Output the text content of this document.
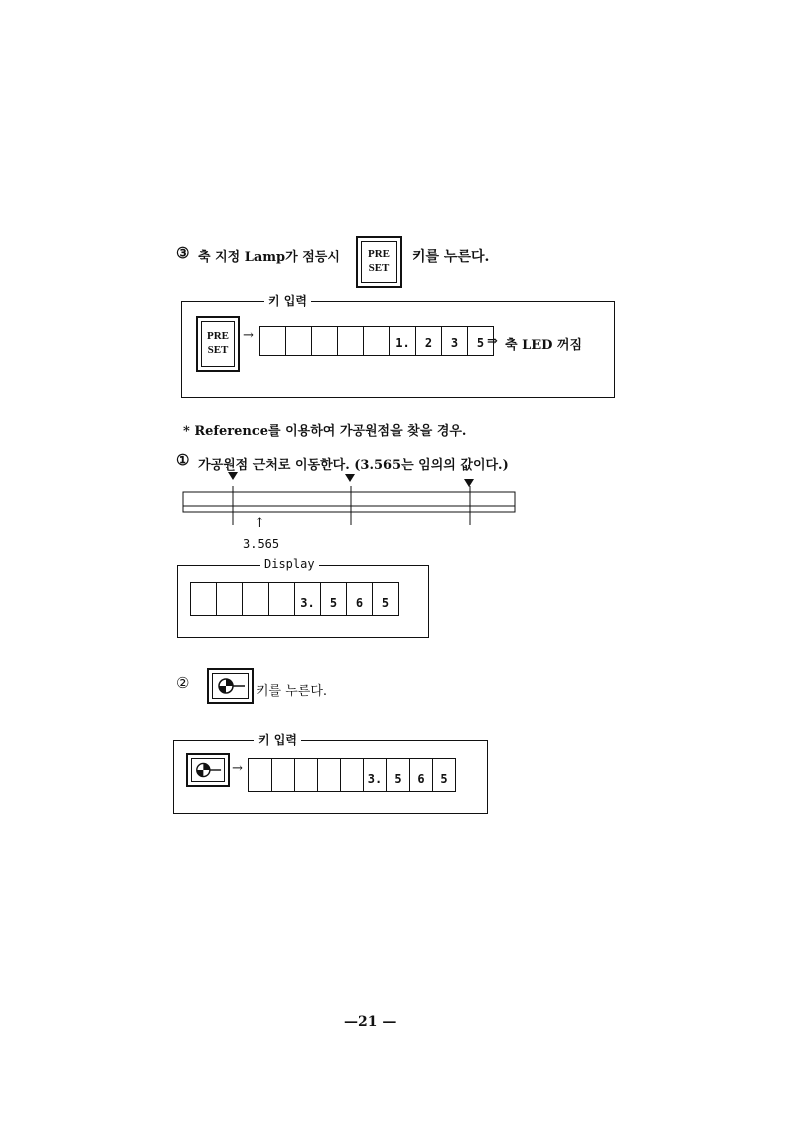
③ 축 지정 Lamp가 점등시	PRE
SET
키를 누른다.
키 입력
PRE
SET
→	1.	2	3	5 ⇒ 축 LED 꺼짐
* Reference를 이용하여 가공원점을 찾을 경우.
① 가공원점 근처로 이동한다. (3.565는 임의의 값이다.)
↑
3.565
Display
3.	5	6	5
②	키를 누른다.
키 입력
→
3.	5	6	5
—21 —
